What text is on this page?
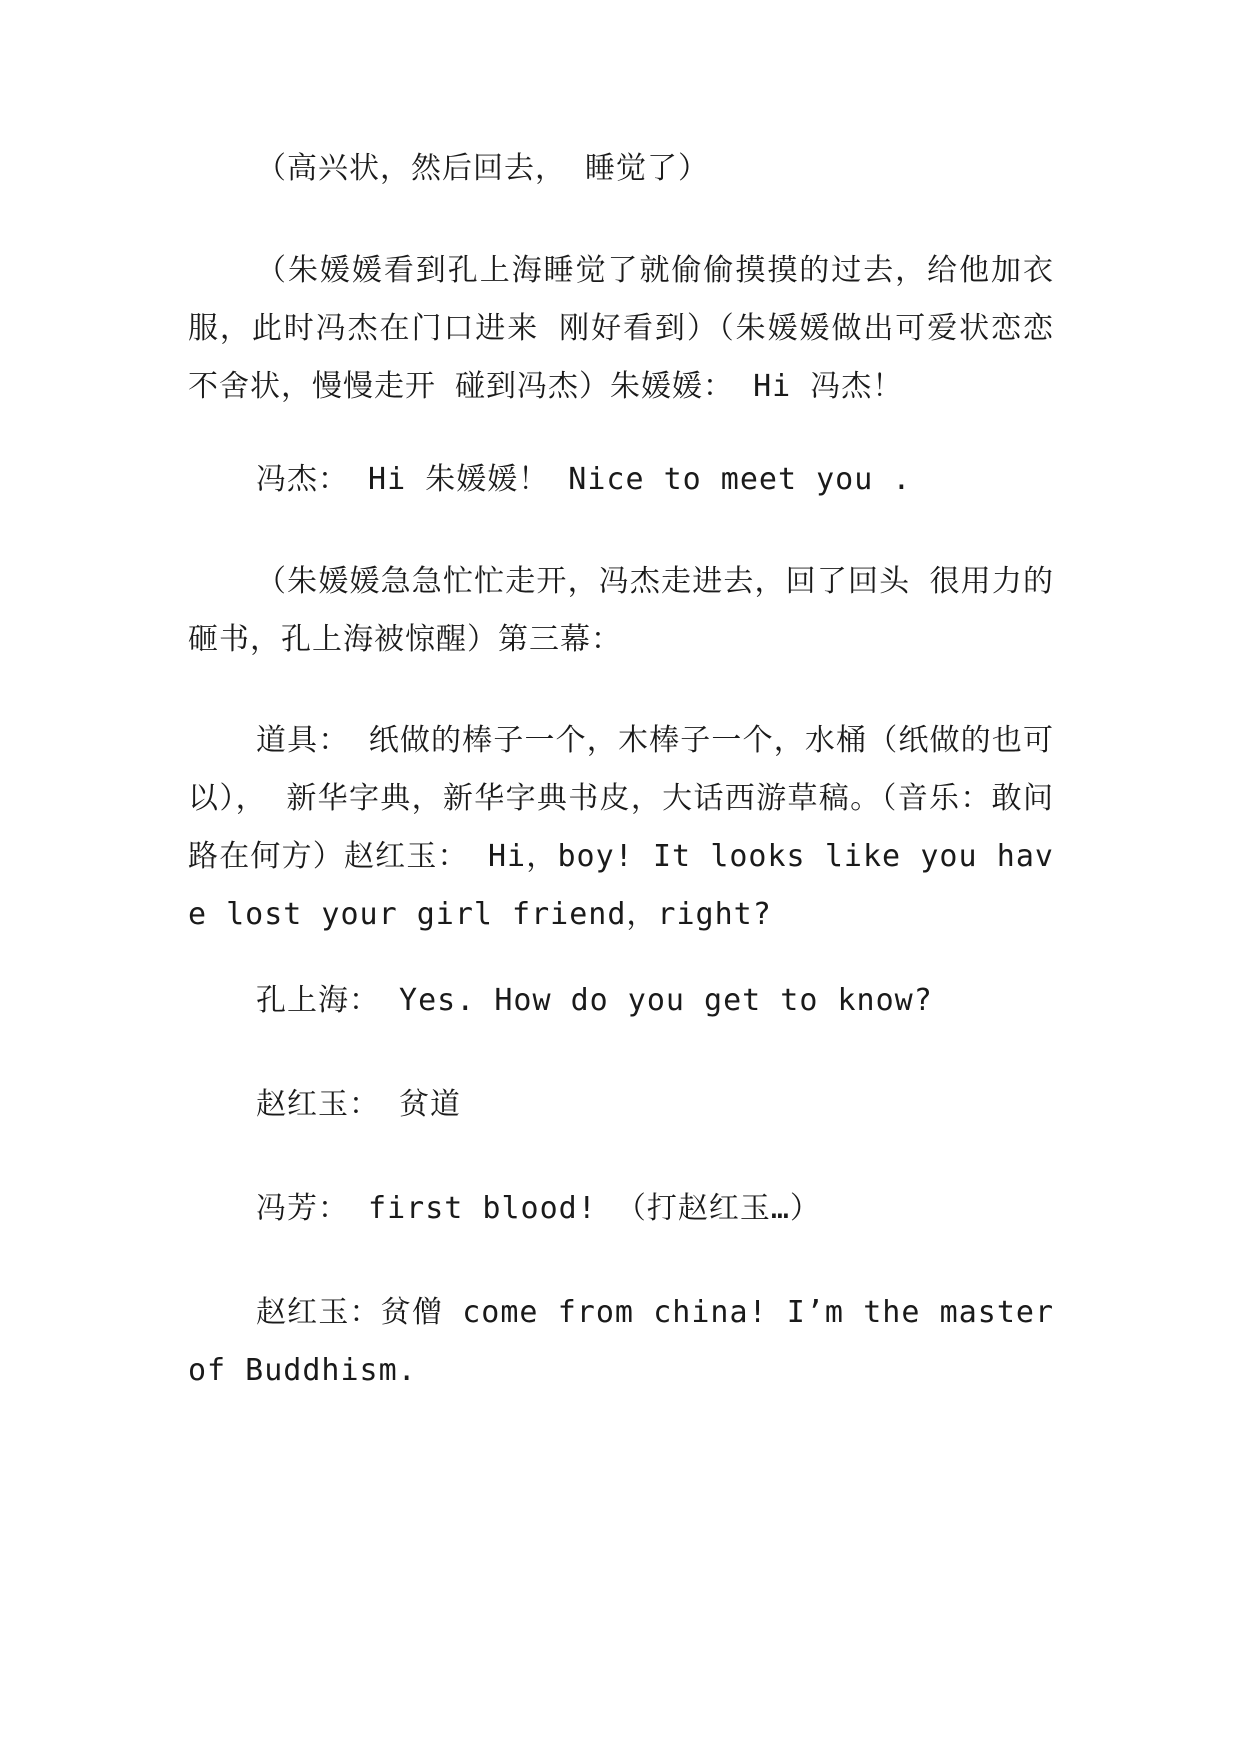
（高兴状，然后回去， 睡觉了）

（朱媛媛看到孔上海睡觉了就偷偷摸摸的过去，给他加衣服，此时冯杰在门口进来 刚好看到）（朱媛媛做出可爱状恋恋不舍状，慢慢走开 碰到冯杰）朱媛媛： Hi 冯杰！

冯杰： Hi 朱媛媛！ Nice to meet you .

（朱媛媛急急忙忙走开，冯杰走进去，回了回头 很用力的砸书，孔上海被惊醒）第三幕：

道具： 纸做的棒子一个，木棒子一个，水桶（纸做的也可以）， 新华字典，新华字典书皮，大话西游草稿。（音乐：敢问路在何方）赵红玉： Hi，boy! It looks like you have lost your girl friend，right?

孔上海： Yes. How do you get to know?

赵红玉： 贫道

冯芳： first blood! （打赵红玉…）

赵红玉：贫僧 come from china! I’m the master of Buddhism.
